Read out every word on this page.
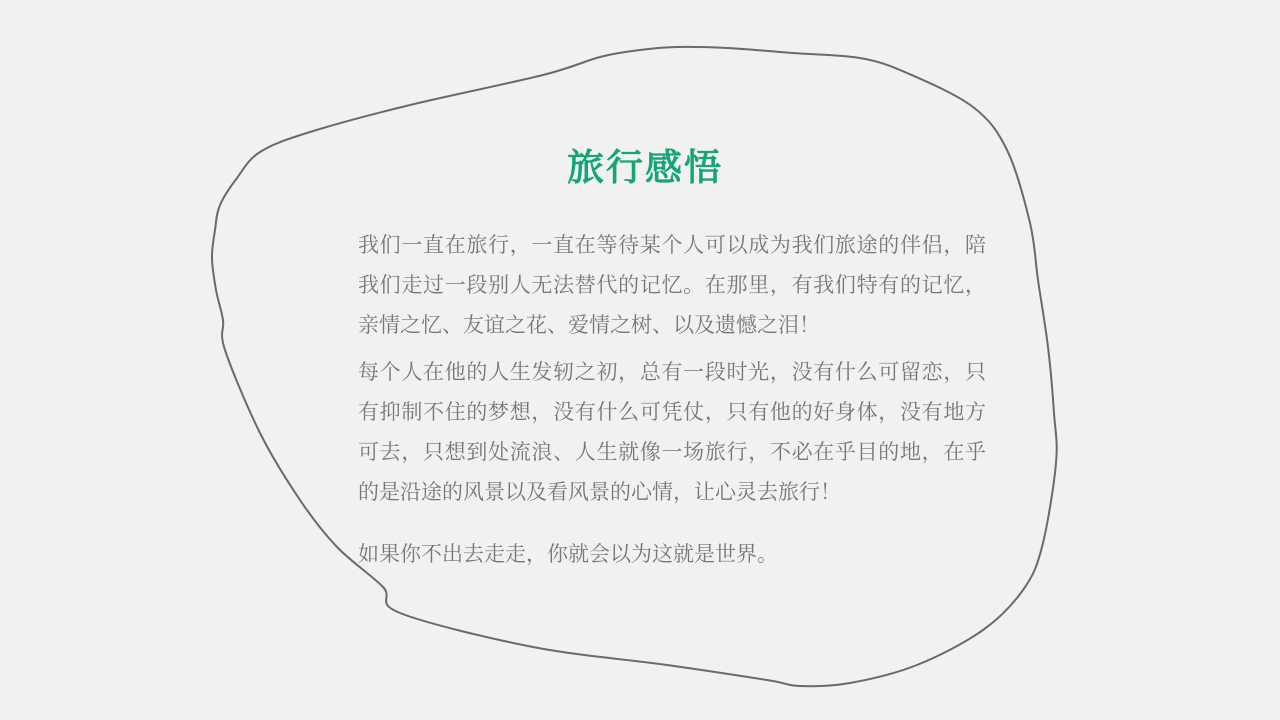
旅行感悟

我们一直在旅行，一直在等待某个人可以成为我们旅途的伴侣，陪我们走过一段别人无法替代的记忆。在那里，有我们特有的记忆，亲情之忆、友谊之花、爱情之树、以及遗憾之泪！

每个人在他的人生发轫之初，总有一段时光，没有什么可留恋，只有抑制不住的梦想，没有什么可凭仗，只有他的好身体，没有地方可去，只想到处流浪、人生就像一场旅行，不必在乎目的地，在乎的是沿途的风景以及看风景的心情，让心灵去旅行！

如果你不出去走走，你就会以为这就是世界。
